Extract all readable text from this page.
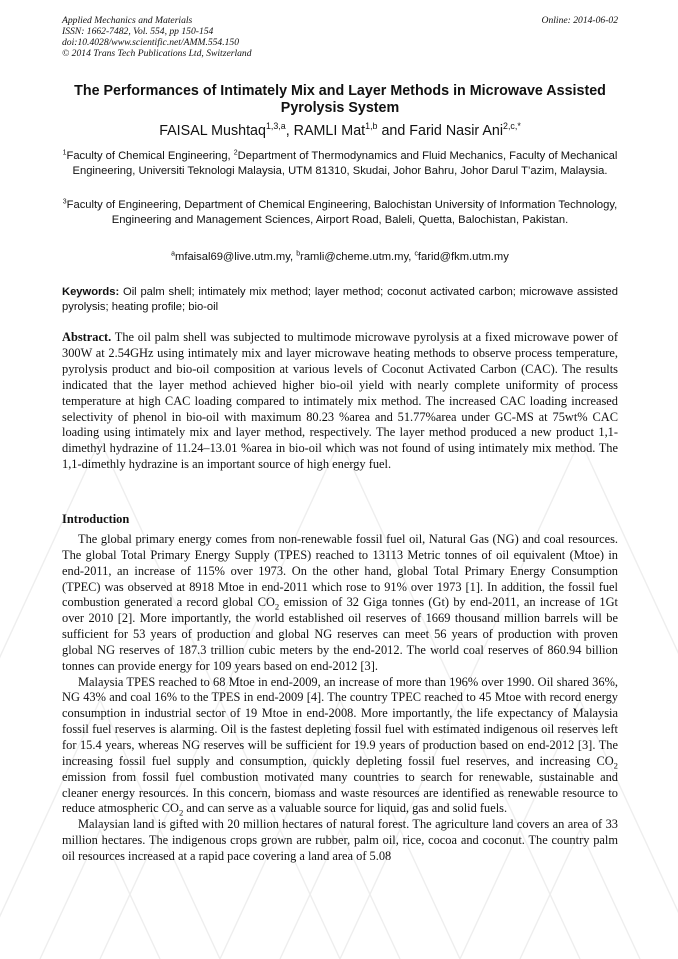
Applied Mechanics and Materials
ISSN: 1662-7482, Vol. 554, pp 150-154
doi:10.4028/www.scientific.net/AMM.554.150
© 2014 Trans Tech Publications Ltd, Switzerland
Online: 2014-06-02
The Performances of Intimately Mix and Layer Methods in Microwave Assisted Pyrolysis System
FAISAL Mushtaq$^{1,3,a}$, RAMLI Mat$^{1,b}$ and Farid Nasir Ani$^{2,c,*}$
$^1$Faculty of Chemical Engineering, $^2$Department of Thermodynamics and Fluid Mechanics, Faculty of Mechanical Engineering, Universiti Teknologi Malaysia, UTM 81310, Skudai, Johor Bahru, Johor Darul T’azim, Malaysia.
$^3$Faculty of Engineering, Department of Chemical Engineering, Balochistan University of Information Technology, Engineering and Management Sciences, Airport Road, Baleli, Quetta, Balochistan, Pakistan.
$^a$mfaisal69@live.utm.my, $^b$ramli@cheme.utm.my, $^c$farid@fkm.utm.my
Keywords: Oil palm shell; intimately mix method; layer method; coconut activated carbon; microwave assisted pyrolysis; heating profile; bio-oil
Abstract. The oil palm shell was subjected to multimode microwave pyrolysis at a fixed microwave power of 300W at 2.54GHz using intimately mix and layer microwave heating methods to observe process temperature, pyrolysis product and bio-oil composition at various levels of Coconut Activated Carbon (CAC). The results indicated that the layer method achieved higher bio-oil yield with nearly complete uniformity of process temperature at high CAC loading compared to intimately mix method. The increased CAC loading increased selectivity of phenol in bio-oil with maximum 80.23 %area and 51.77%area under GC-MS at 75wt% CAC loading using intimately mix and layer method, respectively. The layer method produced a new product 1,1-dimethyl hydrazine of 11.24–13.01 %area in bio-oil which was not found of using intimately mix method. The 1,1-dimethly hydrazine is an important source of high energy fuel.
Introduction

The global primary energy comes from non-renewable fossil fuel oil, Natural Gas (NG) and coal resources. The global Total Primary Energy Supply (TPES) reached to 13113 Metric tonnes of oil equivalent (Mtoe) in end-2011, an increase of 115% over 1973. On the other hand, global Total Primary Energy Consumption (TPEC) was observed at 8918 Mtoe in end-2011 which rose to 91% over 1973 [1]. In addition, the fossil fuel combustion generated a record global $CO_2$ emission of 32 Giga tonnes (Gt) by end-2011, an increase of 1Gt over 2010 [2]. More importantly, the world established oil reserves of 1669 thousand million barrels will be sufficient for 53 years of production and global NG reserves can meet 56 years of production with proven global NG reserves of 187.3 trillion cubic meters by the end-2012. The world coal reserves of 860.94 billion tonnes can provide energy for 109 years based on end-2012 [3].

Malaysia TPES reached to 68 Mtoe in end-2009, an increase of more than 196% over 1990. Oil shared 36%, NG 43% and coal 16% to the TPES in end-2009 [4]. The country TPEC reached to 45 Mtoe with record energy consumption in industrial sector of 19 Mtoe in end-2008. More importantly, the life expectancy of Malaysia fossil fuel reserves is alarming. Oil is the fastest depleting fossil fuel with estimated indigenous oil reserves left for 15.4 years, whereas NG reserves will be sufficient for 19.9 years of production based on end-2012 [3]. The increasing fossil fuel supply and consumption, quickly depleting fossil fuel reserves, and increasing $CO_2$ emission from fossil fuel combustion motivated many countries to search for renewable, sustainable and cleaner energy resources. In this concern, biomass and waste resources are identified as renewable resource to reduce atmospheric $CO_2$ and can serve as a valuable source for liquid, gas and solid fuels.

Malaysian land is gifted with 20 million hectares of natural forest. The agriculture land covers an area of 33 million hectares. The indigenous crops grown are rubber, palm oil, rice, cocoa and coconut. The country palm oil resources increased at a rapid pace covering a land area of 5.08
